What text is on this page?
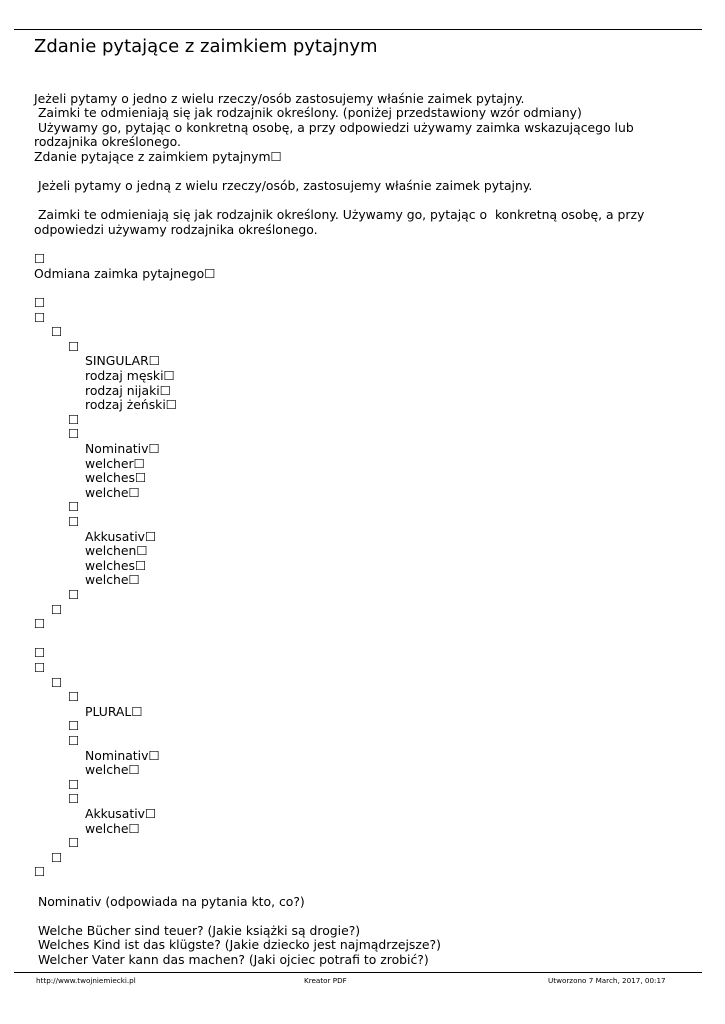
Zdanie pytające z zaimkiem pytajnym
Jeżeli pytamy o jedno z wielu rzeczy/osób zastosujemy właśnie zaimek pytajny.
Zaimki te odmieniają się jak rodzajnik określony. (poniżej przedstawiony wzór odmiany)
Używamy go, pytając o konkretną osobę, a przy odpowiedzi używamy zaimka wskazującego lub
rodzajnika określonego.
Zdanie pytające z zaimkiem pytajnym☐
Jeżeli pytamy o jedną z wielu rzeczy/osób, zastosujemy właśnie zaimek pytajny.
Zaimki te odmieniają się jak rodzajnik określony. Używamy go, pytając o  konkretną osobę, a przy
odpowiedzi używamy rodzajnika określonego.
☐
Odmiana zaimka pytajnego☐
☐
☐
☐
☐
SINGULAR☐
rodzaj męski☐
rodzaj nijaki☐
rodzaj żeński☐
☐
☐
Nominativ☐
welcher☐
welches☐
welche☐
☐
☐
Akkusativ☐
welchen☐
welches☐
welche☐
☐
☐
☐
☐
☐
☐
☐
PLURAL☐
☐
☐
Nominativ☐
welche☐
☐
☐
Akkusativ☐
welche☐
☐
☐
☐
Nominativ (odpowiada na pytania kto, co?)
Welche Bücher sind teuer? (Jakie książki są drogie?)
Welches Kind ist das klügste? (Jakie dziecko jest najmądrzejsze?)
Welcher Vater kann das machen? (Jaki ojciec potrafi to zrobić?)
http://www.twojniemiecki.pl	Kreator PDF	Utworzono 7 March, 2017, 00:17
